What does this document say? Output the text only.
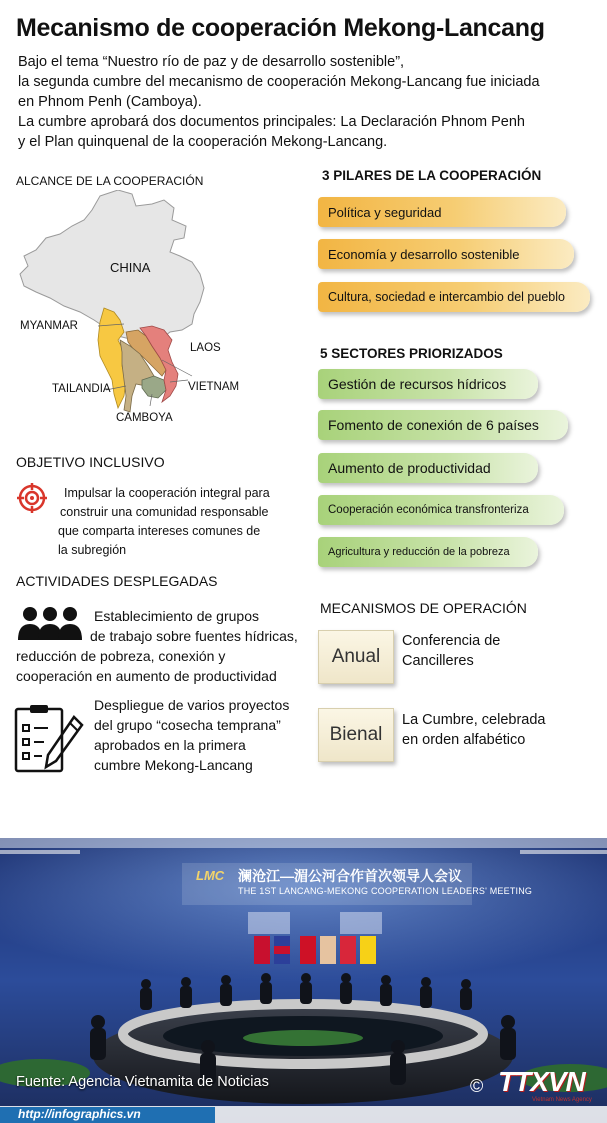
Mecanismo de cooperación Mekong-Lancang
Bajo el tema “Nuestro río de paz y de desarrollo sostenible”,
la segunda cumbre del mecanismo de cooperación Mekong-Lancang fue iniciada
en Phnom Penh (Camboya).
La cumbre aprobará dos documentos principales: La Declaración Phnom Penh
y el Plan quinquenal de la cooperación Mekong-Lancang.
ALCANCE DE LA COOPERACIÓN
CHINA
MYANMAR
LAOS
TAILANDIA	VIETNAM
CAMBOYA
3 PILARES DE LA COOPERACIÓN
Política y seguridad
Economía y desarrollo sostenible
Cultura, sociedad e intercambio del pueblo
5 SECTORES PRIORIZADOS
Gestión de recursos hídricos
Fomento de conexión de 6 países
Aumento de productividad
Cooperación económica transfronteriza
Agricultura y reducción de la pobreza
OBJETIVO INCLUSIVO
Impulsar la cooperación integral para
construir una comunidad responsable
que comparta intereses comunes de
la subregión
ACTIVIDADES DESPLEGADAS
Establecimiento de grupos
de trabajo sobre fuentes hídricas,
reducción de pobreza, conexión y
cooperación en aumento de productividad
Despliegue de varios proyectos
del grupo “cosecha temprana”
aprobados en la primera
cumbre Mekong-Lancang
MECANISMOS DE OPERACIÓN
Anual
Conferencia de
Cancilleres
Bienal
La Cumbre, celebrada
en orden alfabético
LMC 澜沧江—湄公河合作首次领导人会议
THE 1ST LANCANG-MEKONG COOPERATION LEADERS' MEETING
Fuente: Agencia Vietnamita de Noticias	© TTXVN
Vietnam News Agency
http://infographics.vn
